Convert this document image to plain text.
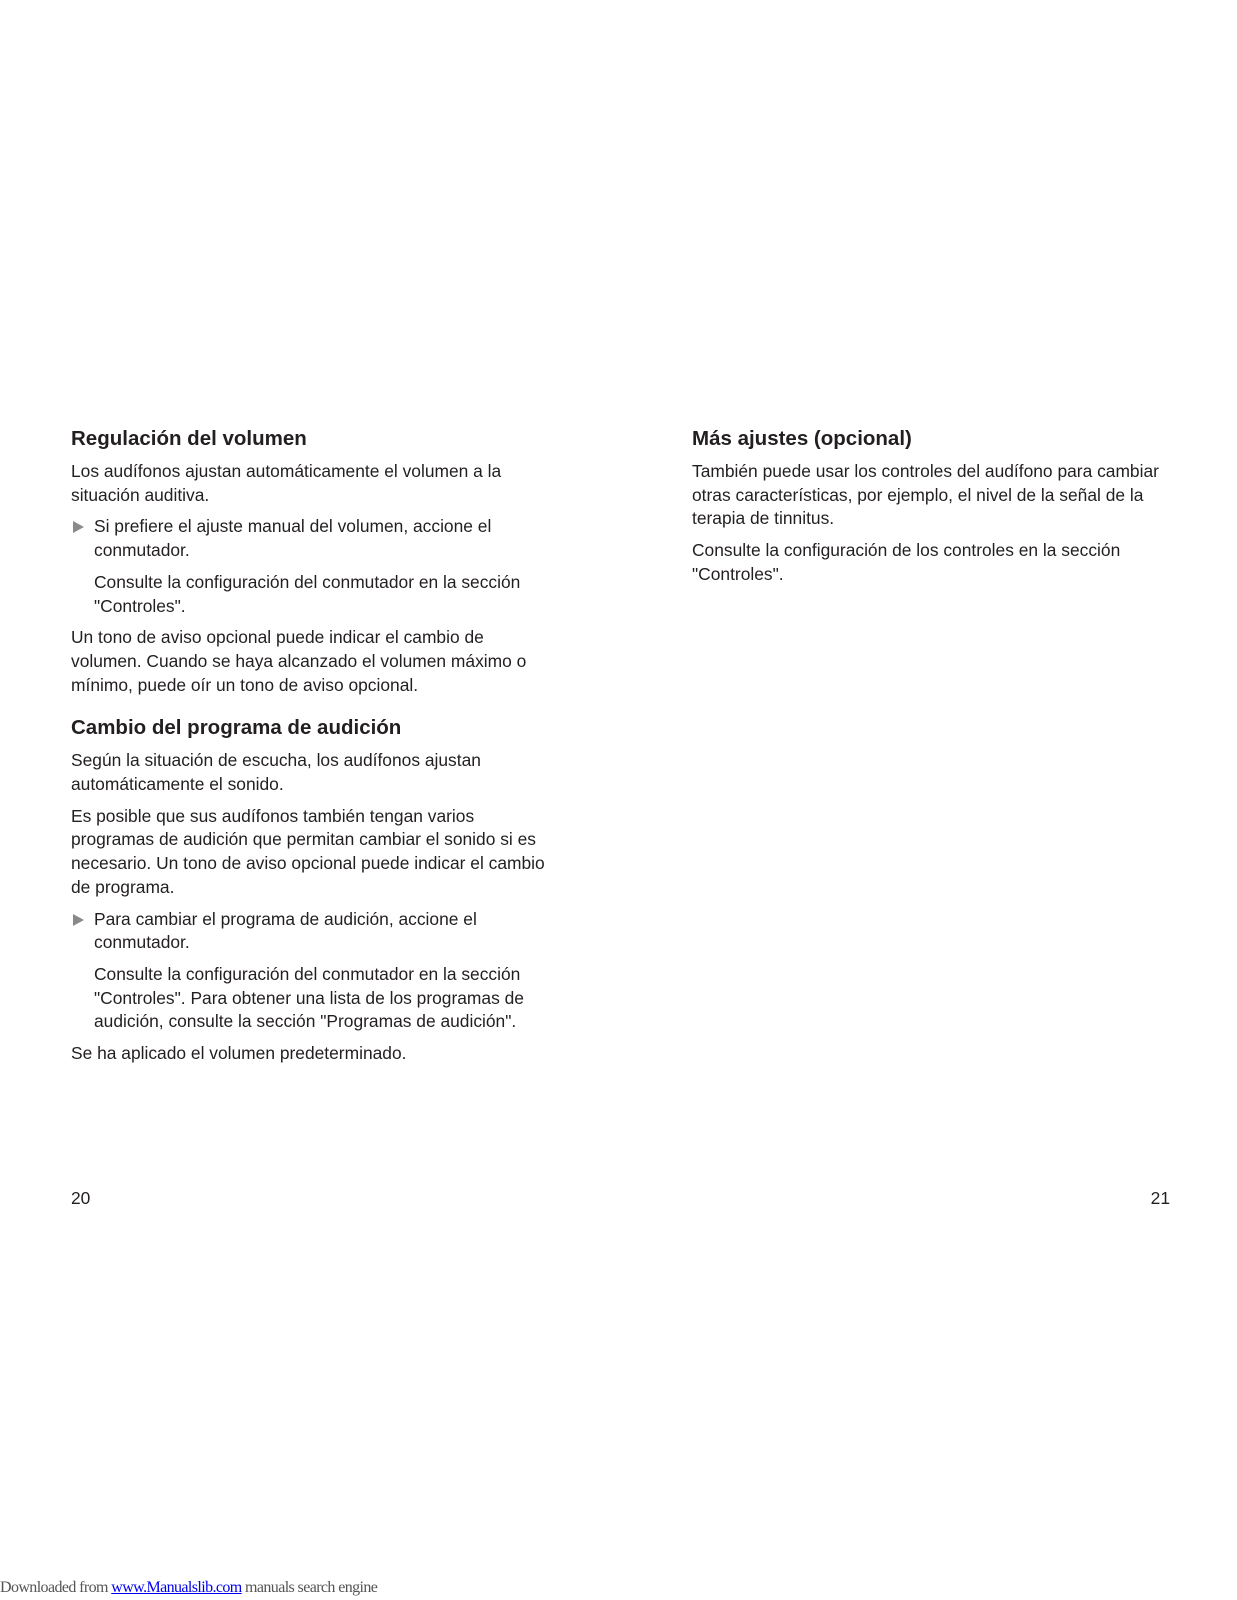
Regulación del volumen

Los audífonos ajustan automáticamente el volumen a la situación auditiva.

Si prefiere el ajuste manual del volumen, accione el conmutador.

Consulte la configuración del conmutador en la sección "Controles".

Un tono de aviso opcional puede indicar el cambio de volumen. Cuando se haya alcanzado el volumen máximo o mínimo, puede oír un tono de aviso opcional.

Cambio del programa de audición

Según la situación de escucha, los audífonos ajustan automáticamente el sonido.

Es posible que sus audífonos también tengan varios programas de audición que permitan cambiar el sonido si es necesario. Un tono de aviso opcional puede indicar el cambio de programa.

Para cambiar el programa de audición, accione el conmutador.

Consulte la configuración del conmutador en la sección "Controles". Para obtener una lista de los programas de audición, consulte la sección "Programas de audición".

Se ha aplicado el volumen predeterminado.

Más ajustes (opcional)

También puede usar los controles del audífono para cambiar otras características, por ejemplo, el nivel de la señal de la terapia de tinnitus.

Consulte la configuración de los controles en la sección "Controles".

20	21
Downloaded from www.Manualslib.com manuals search engine
